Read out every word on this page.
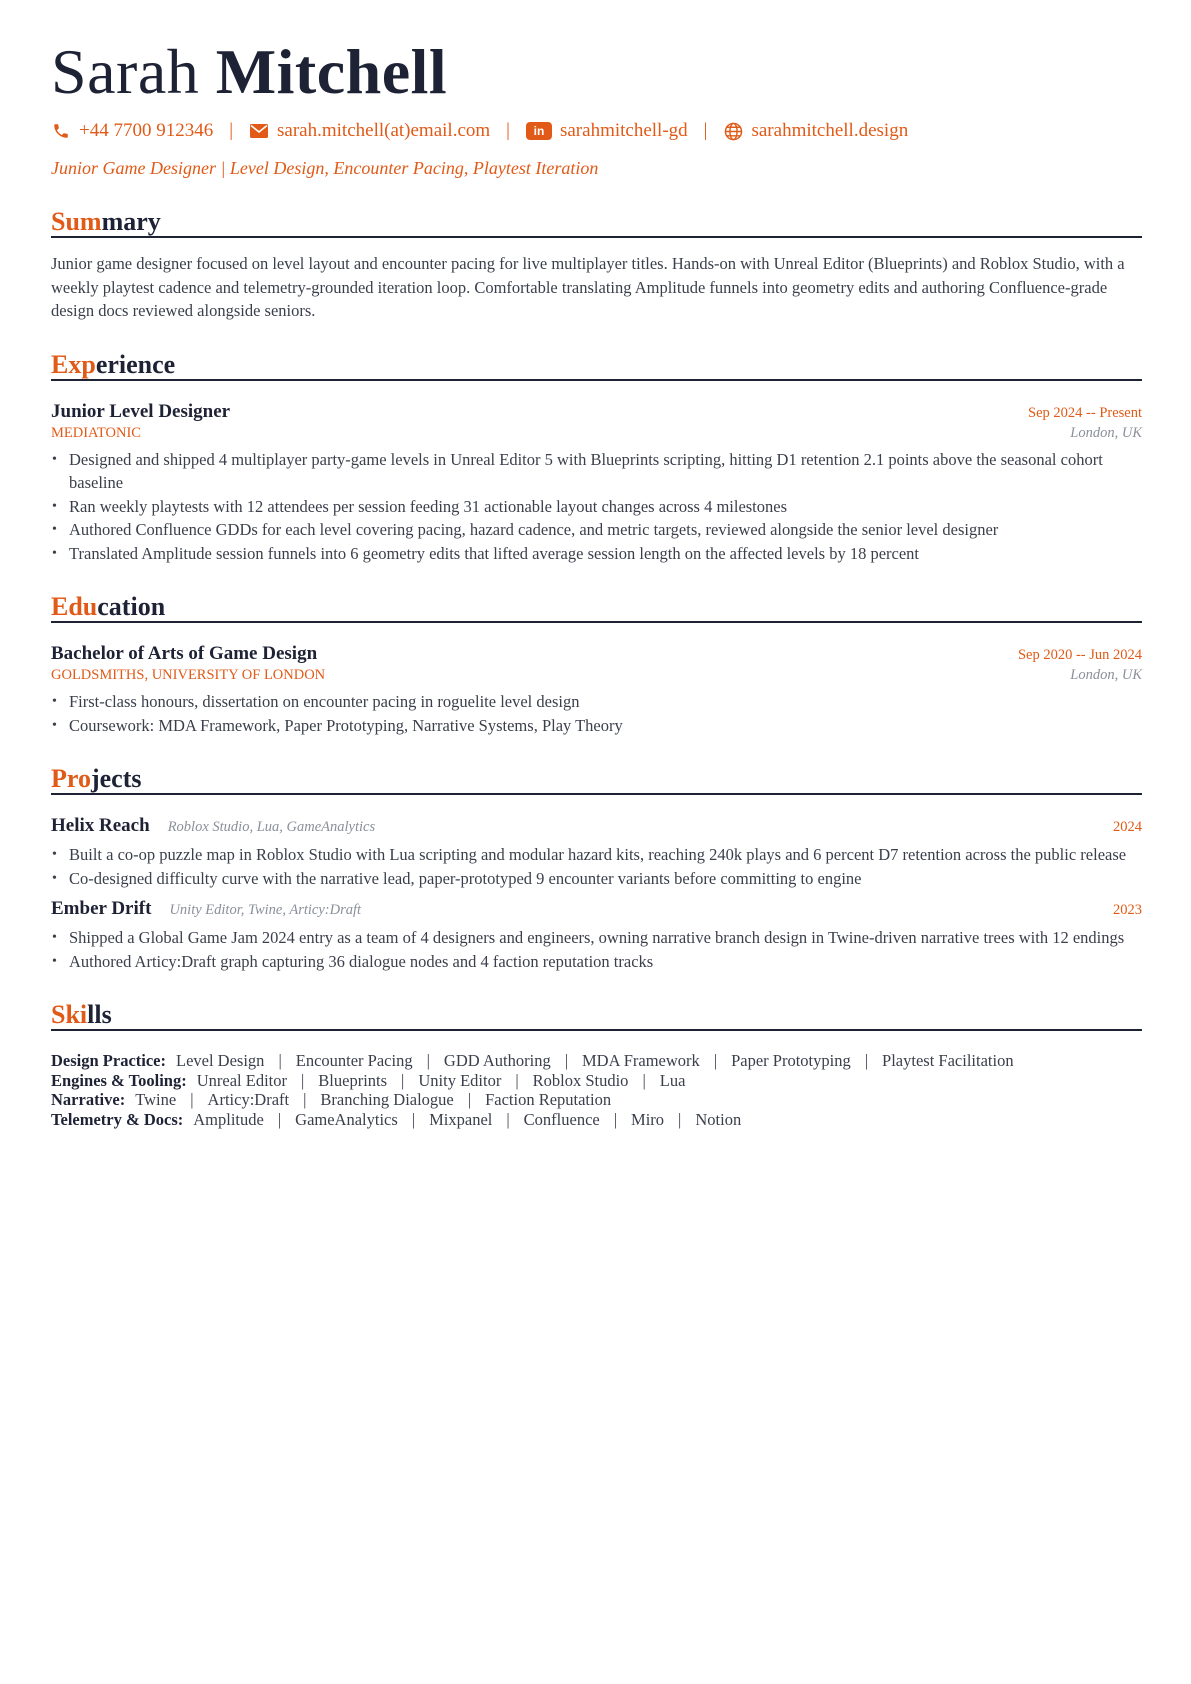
Sarah Mitchell
+44 7700 912346 | sarah.mitchell(at)email.com |	in sarahmitchell-gd | sarahmitchell.design
Junior Game Designer | Level Design, Encounter Pacing, Playtest Iteration
Summary
Junior game designer focused on level layout and encounter pacing for live multiplayer titles. Hands-on with Unreal Editor (Blueprints) and Roblox Studio, with a weekly playtest cadence and telemetry-grounded iteration loop. Comfortable translating Amplitude funnels into geometry edits and authoring Confluence-grade design docs reviewed alongside seniors.
Experience
Junior Level Designer	Sep 2024 -- Present
MEDIATONIC	London, UK
• Designed and shipped 4 multiplayer party-game levels in Unreal Editor 5 with Blueprints scripting, hitting D1 retention 2.1 points above the seasonal cohort baseline
• Ran weekly playtests with 12 attendees per session feeding 31 actionable layout changes across 4 milestones
• Authored Confluence GDDs for each level covering pacing, hazard cadence, and metric targets, reviewed alongside the senior level designer
• Translated Amplitude session funnels into 6 geometry edits that lifted average session length on the affected levels by 18 percent
Education
Bachelor of Arts of Game Design	Sep 2020 -- Jun 2024
GOLDSMITHS, UNIVERSITY OF LONDON	London, UK
• First-class honours, dissertation on encounter pacing in roguelite level design
• Coursework: MDA Framework, Paper Prototyping, Narrative Systems, Play Theory
Projects
Helix Reach Roblox Studio, Lua, GameAnalytics	2024
• Built a co-op puzzle map in Roblox Studio with Lua scripting and modular hazard kits, reaching 240k plays and 6 percent D7 retention across the public release
• Co-designed difficulty curve with the narrative lead, paper-prototyped 9 encounter variants before committing to engine
Ember Drift Unity Editor, Twine, Articy:Draft	2023
• Shipped a Global Game Jam 2024 entry as a team of 4 designers and engineers, owning narrative branch design in Twine-driven narrative trees with 12 endings
• Authored Articy:Draft graph capturing 36 dialogue nodes and 4 faction reputation tracks
Skills
Design Practice: Level Design | Encounter Pacing | GDD Authoring | MDA Framework | Paper Prototyping | Playtest Facilitation
Engines & Tooling: Unreal Editor | Blueprints | Unity Editor | Roblox Studio | Lua
Narrative: Twine | Articy:Draft | Branching Dialogue | Faction Reputation
Telemetry & Docs: Amplitude | GameAnalytics | Mixpanel | Confluence | Miro | Notion
